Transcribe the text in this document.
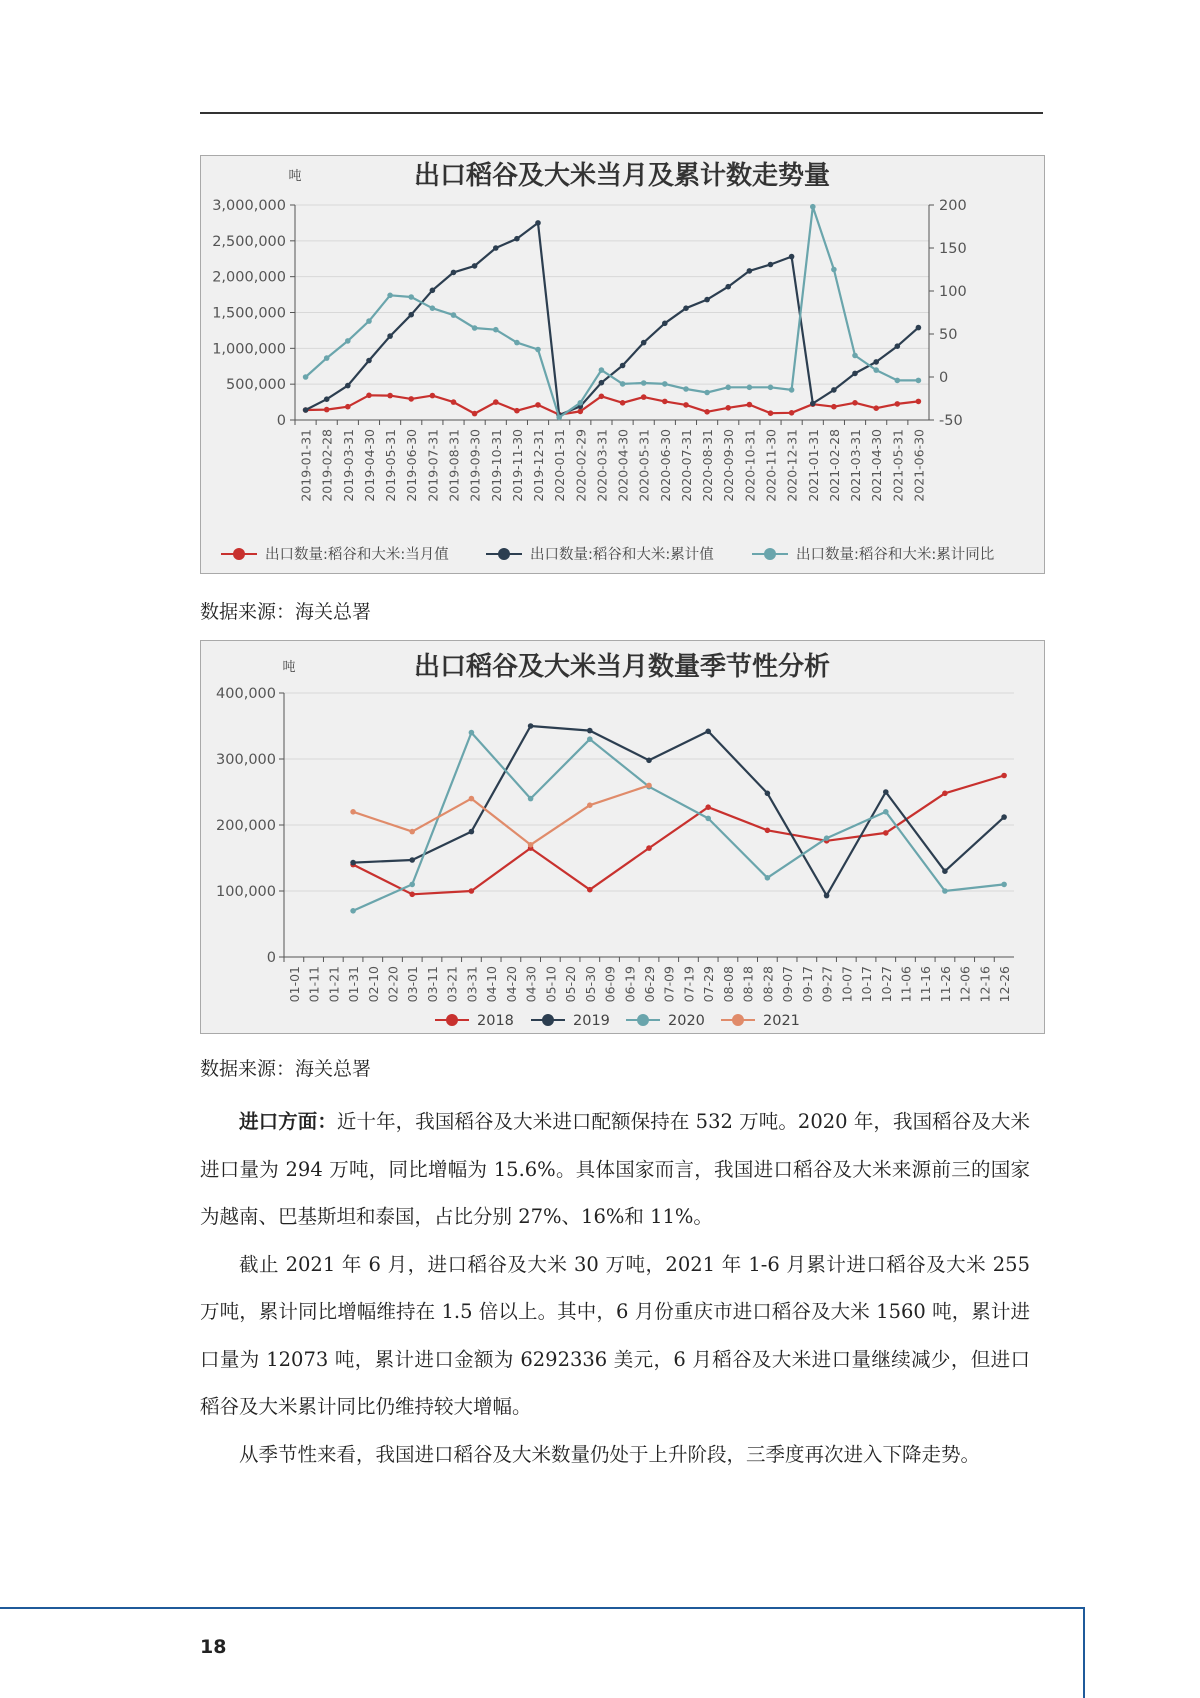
出口稻谷及大米当月及累计数走势量
吨
3,000,000
2,500,000
2,000,000
1,500,000
1,000,000
500,000
0
200
150
100
50
0
-50
2019-01-31 2019-02-28 2019-03-31 2019-04-30 2019-05-31 2019-06-30 2019-07-31 2019-08-31 2019-09-30 2019-10-31 2019-11-30 2019-12-31 2020-01-31 2020-02-29 2020-03-31 2020-04-30 2020-05-31 2020-06-30 2020-07-31 2020-08-31 2020-09-30 2020-10-31 2020-11-30 2020-12-31 2021-01-31 2021-02-28 2021-03-31 2021-04-30 2021-05-31 2021-06-30
出口数量:稻谷和大米:当月值	出口数量:稻谷和大米:累计值	出口数量:稻谷和大米:累计同比
数据来源：海关总署
出口稻谷及大米当月数量季节性分析
吨
400,000
300,000
200,000
100,000
0
01-01 01-11 01-21 01-31 02-10 02-20 03-01 03-11 03-21 03-31 04-10 04-20 04-30 05-10 05-20 05-30 06-09 06-19 06-29 07-09 07-19 07-29 08-08 08-18 08-28 09-07 09-17 09-27 10-07 10-17 10-27 11-06 11-16 11-26 12-06 12-16 12-26
2018	2019	2020	2021
数据来源：海关总署

进口方面：近十年，我国稻谷及大米进口配额保持在 532 万吨。2020 年，我国稻谷及大米进口量为 294 万吨，同比增幅为 15.6%。具体国家而言，我国进口稻谷及大米来源前三的国家为越南、巴基斯坦和泰国，占比分别 27%、16%和 11%。

截止 2021 年 6 月，进口稻谷及大米 30 万吨，2021 年 1-6 月累计进口稻谷及大米 255 万吨，累计同比增幅维持在 1.5 倍以上。其中，6 月份重庆市进口稻谷及大米 1560 吨，累计进口量为 12073 吨，累计进口金额为 6292336 美元，6 月稻谷及大米进口量继续减少，但进口稻谷及大米累计同比仍维持较大增幅。

从季节性来看，我国进口稻谷及大米数量仍处于上升阶段，三季度再次进入下降走势。

18
